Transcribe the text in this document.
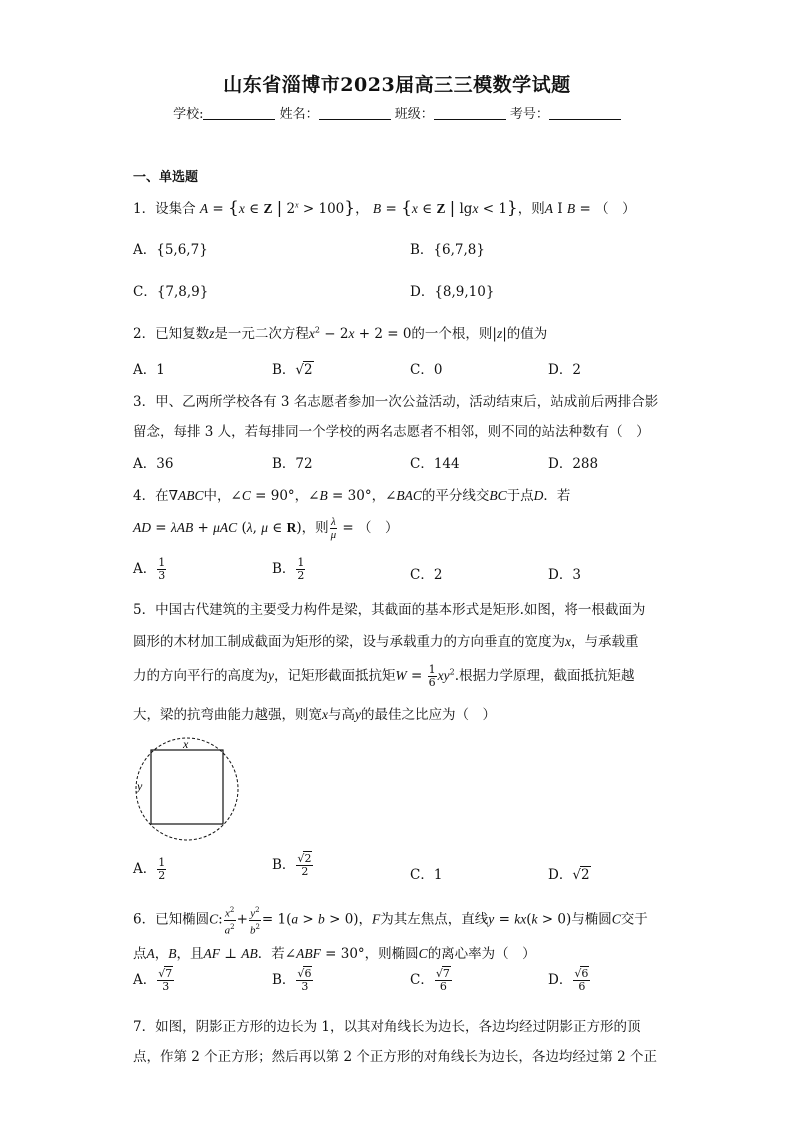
山东省淄博市2023届高三三模数学试题
学校:	姓名：	班级：	考号：
一、单选题
1．设集合 A = {x ∈ Z | $2^x > 100$}， B = {x ∈ Z | lgx < 1}，则A I B = （　）
A．{5,6,7}	B．{6,7,8}
C．{7,8,9}	D．{8,9,10}
2．已知复数z是一元二次方程$x^2 - 2x + 2 = 0$的一个根，则|z|的值为
A．1	B．√2	C．0	D．2
3．甲、乙两所学校各有 3 名志愿者参加一次公益活动，活动结束后，站成前后两排合影
留念，每排 3 人，若每排同一个学校的两名志愿者不相邻，则不同的站法种数有（　）
A．36	B．72	C．144	D．288
4．在∇ABC中，∠C = 90°，∠B = 30°，∠BAC的平分线交BC于点D．若
AD = λAB + μAC (λ, μ ∈ R)，则 $\frac{\lambda}{\mu}$ = （　）
A． $\frac{1}{3}$	B． $\frac{1}{2}$	C．2	D．3
5．中国古代建筑的主要受力构件是梁，其截面的基本形式是矩形.如图，将一根截面为
圆形的木材加工制成截面为矩形的梁，设与承载重力的方向垂直的宽度为x，与承载重
力的方向平行的高度为y，记矩形截面抵抗矩$W = \frac{1}{6} xy^2$.根据力学原理，截面抵抗矩越
大，梁的抗弯曲能力越强，则宽x与高y的最佳之比应为（　）
x
y
A． $\frac{1}{2}$	B． $\frac{√2}{2}$	C．1	D．√2
6．已知椭圆C: $\frac{x^2}{a^2} + \frac{y^2}{b^2} = 1(a > b > 0)$，F为其左焦点，直线y = kx(k > 0)与椭圆C交于
点A，B，且AF ⊥ AB．若∠ABF = 30°，则椭圆C的离心率为（　）
A． $\frac{√7}{3}$	B． $\frac{√6}{3}$	C． $\frac{√7}{6}$	D． $\frac{√6}{6}$
7．如图，阴影正方形的边长为 1，以其对角线长为边长，各边均经过阴影正方形的顶
点，作第 2 个正方形；然后再以第 2 个正方形的对角线长为边长，各边均经过第 2 个正
